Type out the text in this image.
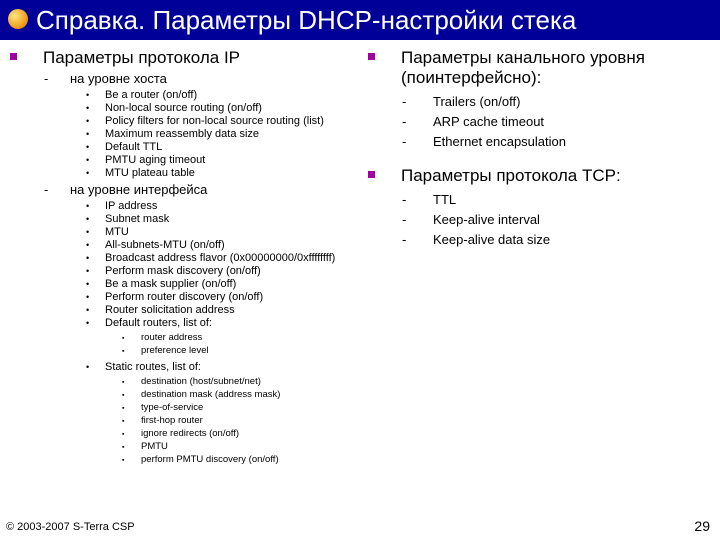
Справка. Параметры DHCP-настройки стека
Параметры протокола IP
- на уровне хоста
•Be a router (on/off)
•Non-local source routing (on/off)
•Policy filters for non-local source routing (list)
•Maximum reassembly data size
•Default TTL
•PMTU aging timeout
•MTU plateau table
- на уровне интерфейса
•IP address
•Subnet mask
•MTU
•All-subnets-MTU (on/off)
•Broadcast address flavor (0x00000000/0xffffffff)
•Perform mask discovery (on/off)
•Be a mask supplier (on/off)
•Perform router discovery (on/off)
•Router solicitation address
•Default routers, list of:
▪router address
▪preference level
•Static routes, list of:
▪destination (host/subnet/net)
▪destination mask (address mask)
▪type-of-service
▪first-hop router
▪ignore redirects (on/off)
▪PMTU
▪perform PMTU discovery (on/off)
Параметры канального уровня (поинтерфейсно):
- Trailers (on/off)
- ARP cache timeout
- Ethernet encapsulation
Параметры протокола TCP:
- TTL
- Keep-alive interval
- Keep-alive data size
© 2003-2007 S-Terra CSP	29
